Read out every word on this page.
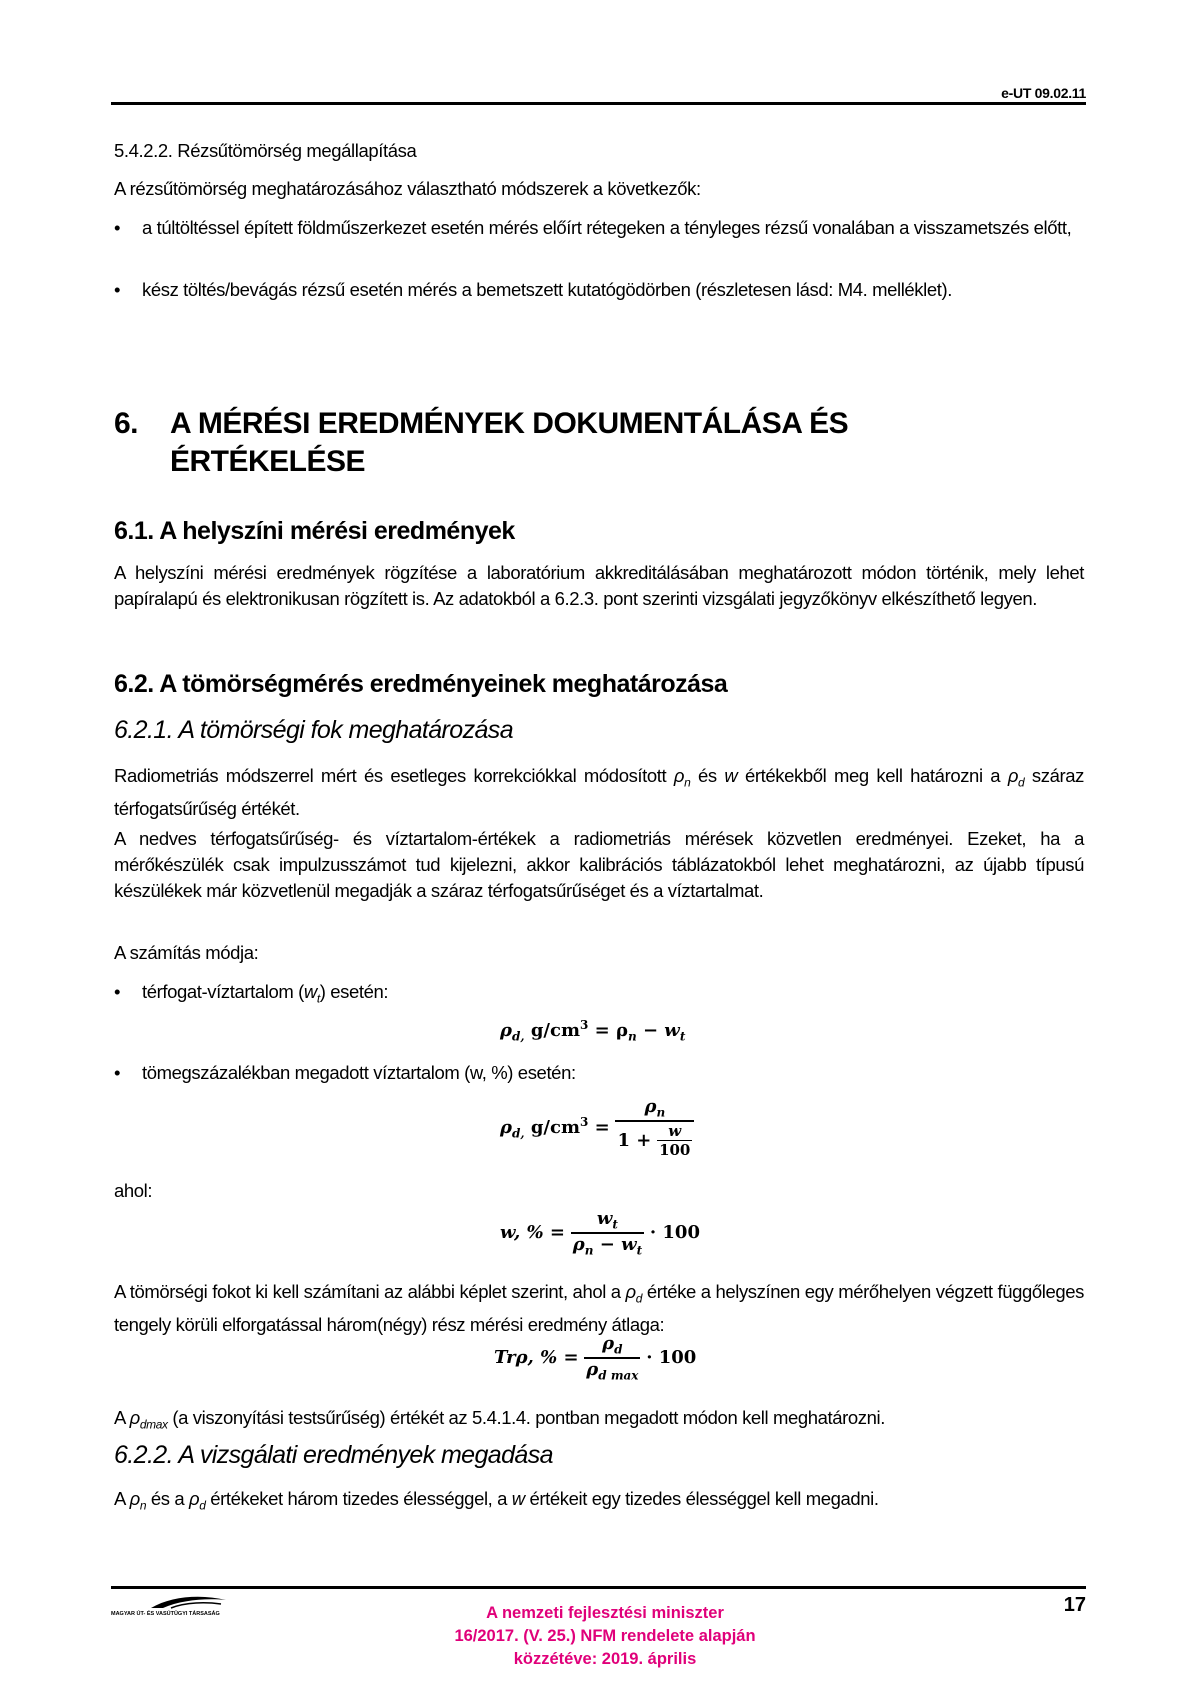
e-UT 09.02.11
5.4.2.2. Rézsűtömörség megállapítása
A rézsűtömörség meghatározásához választható módszerek a következők:
•	a túltöltéssel épített földműszerkezet esetén mérés előírt rétegeken a tényleges rézsű vonalában a visszametszés előtt,
•	kész töltés/bevágás rézsű esetén mérés a bemetszett kutatógödörben (részletesen lásd: M4. melléklet).
6. A MÉRÉSI EREDMÉNYEK DOKUMENTÁLÁSA ÉS ÉRTÉKELÉSE
6.1. A helyszíni mérési eredmények
A helyszíni mérési eredmények rögzítése a laboratórium akkreditálásában meghatározott módon történik, mely lehet papíralapú és elektronikusan rögzített is. Az adatokból a 6.2.3. pont szerinti vizsgálati jegyzőkönyv elkészíthető legyen.
6.2. A tömörségmérés eredményeinek meghatározása
6.2.1. A tömörségi fok meghatározása
Radiometriás módszerrel mért és esetleges korrekciókkal módosított $\rho_n$ és w értékekből meg kell határozni a $\rho_d$ száraz térfogatsűrűség értékét.
A nedves térfogatsűrűség- és víztartalom-értékek a radiometriás mérések közvetlen eredményei. Ezeket, ha a mérőkészülék csak impulzusszámot tud kijelezni, akkor kalibrációs táblázatokból lehet meghatározni, az újabb típusú készülékek már közvetlenül megadják a száraz térfogatsűrűséget és a víztartalmat.
A számítás módja:
•	térfogat-víztartalom $(w_t)$ esetén:
$\rho_{d,}$ $g/cm^3 = \rho_n - w_t$
•	tömegszázalékban megadott víztartalom (w, %) esetén:
$\rho_{d,}$ $g/cm^3 = \frac{\rho_n}{1 + \frac{w}{100}}$
ahol:
w, % = $\frac{w_t}{\rho_n - w_t} \cdot 100$
A tömörségi fokot ki kell számítani az alábbi képlet szerint, ahol a $\rho_d$ értéke a helyszínen egy mérőhelyen végzett függőleges tengely körüli elforgatással három(négy) rész mérési eredmény átlaga:
Trρ, % = $\frac{\rho_d}{\rho_{d max}} \cdot 100$
A $\rho_{dmax}$ (a viszonyítási testsűrűség) értékét az 5.4.1.4. pontban megadott módon kell meghatározni.
6.2.2. A vizsgálati eredmények megadása
A $\rho_n$ és a $\rho_d$ értékeket három tizedes élességgel, a w értékeit egy tizedes élességgel kell megadni.
MAGYAR ÚT- ÉS VASÚTÜGYI TÁRSASÁG	A nemzeti fejlesztési miniszter
16/2017. (V. 25.) NFM rendelete alapján
közzétéve: 2019. április
17
